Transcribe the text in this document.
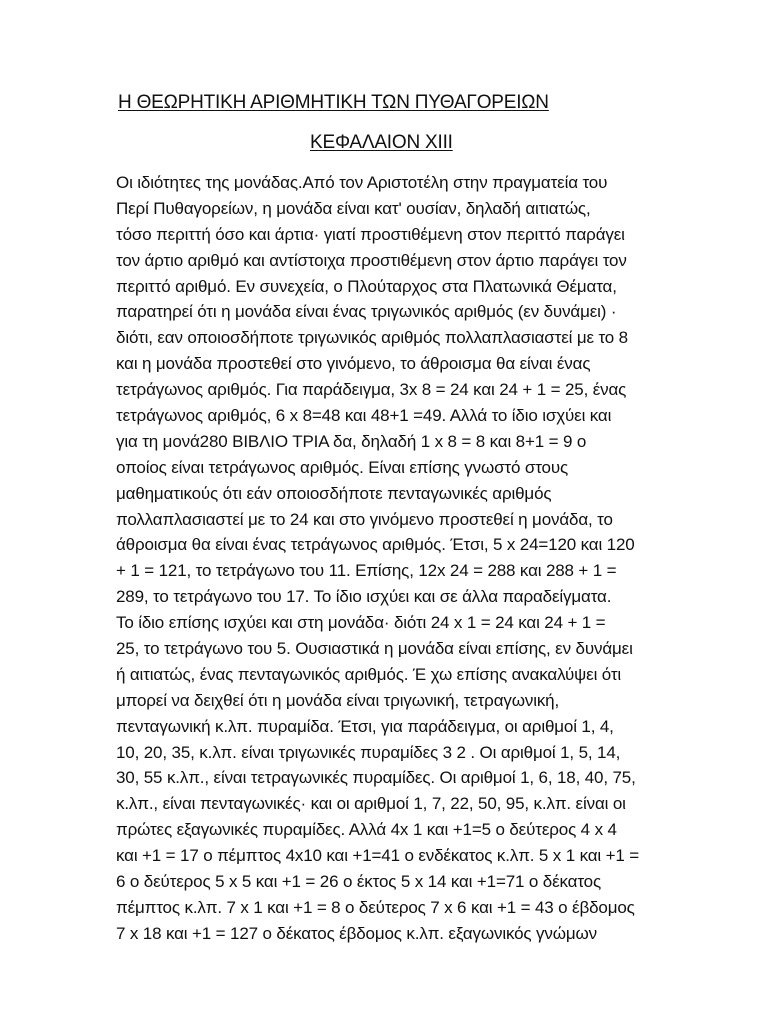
Η ΘΕΩΡΗΤΙΚΗ ΑΡΙΘΜΗΤΙΚΗ ΤΩΝ ΠΥΘΑΓΟΡΕΙΩΝ
ΚΕΦΑΛΑΙΟΝ XIII
Οι ιδιότητες της μονάδας.Από τον Αριστοτέλη στην πραγματεία του
Περί Πυθαγορείων, η μονάδα είναι κατ' ουσίαν, δηλαδή αιτιατώς,
τόσο περιττή όσο και άρτια· γιατί προστιθέμενη στον περιττό παράγει
τον άρτιο αριθμό και αντίστοιχα προστιθέμενη στον άρτιο παράγει τον
περιττό αριθμό. Εν συνεχεία, ο Πλούταρχος στα Πλατωνικά Θέματα,
παρατηρεί ότι η μονάδα είναι ένας τριγωνικός αριθμός (εν δυνάμει) ·
διότι, εαν οποιοσδήποτε τριγωνικός αριθμός πολλαπλασιαστεί με το 8
και η μονάδα προστεθεί στο γινόμενο, το άθροισμα θα είναι ένας
τετράγωνος αριθμός. Για παράδειγμα, 3x 8 = 24 και 24 + 1 = 25, ένας
τετράγωνος αριθμός, 6 x 8=48 και 48+1 =49. Αλλά το ίδιο ισχύει και
για τη μονά280 ΒΙΒΛΙΟ ΤΡΙΑ δα, δηλαδή 1 x 8 = 8 και 8+1 = 9 ο
οποίος είναι τετράγωνος αριθμός. Είναι επίσης γνωστό στους
μαθηματικούς ότι εάν οποιοσδήποτε πενταγωνικές αριθμός
πολλαπλασιαστεί με το 24 και στο γινόμενο προστεθεί η μονάδα, το
άθροισμα θα είναι ένας τετράγωνος αριθμός. Έτσι, 5 x 24=120 και 120
+ 1 = 121, το τετράγωνο του 11. Επίσης, 12x 24 = 288 και 288 + 1 =
289, το τετράγωνο του 17. Το ίδιο ισχύει και σε άλλα παραδείγματα.
Το ίδιο επίσης ισχύει και στη μονάδα· διότι 24 x 1 = 24 και 24 + 1 =
25, το τετράγωνο του 5. Ουσιαστικά η μονάδα είναι επίσης, εν δυνάμει
ή αιτιατώς, ένας πενταγωνικός αριθμός. Έ χω επίσης ανακαλύψει ότι
μπορεί να δειχθεί ότι η μονάδα είναι τριγωνική, τετραγωνική,
πενταγωνική κ.λπ. πυραμίδα. Έτσι, για παράδειγμα, οι αριθμοί 1, 4,
10, 20, 35, κ.λπ. είναι τριγωνικές πυραμίδες 3 2 . Οι αριθμοί 1, 5, 14,
30, 55 κ.λπ., είναι τετραγωνικές πυραμίδες. Οι αριθμοί 1, 6, 18, 40, 75,
κ.λπ., είναι πενταγωνικές· και οι αριθμοί 1, 7, 22, 50, 95, κ.λπ. είναι οι
πρώτες εξαγωνικές πυραμίδες. Αλλά 4x 1 και +1=5 ο δεύτερος 4 x 4
και +1 = 17 ο πέμπτος 4x10 και +1=41 ο ενδέκατος κ.λπ. 5 x 1 και +1 =
6 ο δεύτερος 5 x 5 και +1 = 26 ο έκτος 5 x 14 και +1=71 ο δέκατος
πέμπτος κ.λπ. 7 x 1 και +1 = 8 ο δεύτερος 7 x 6 και +1 = 43 ο έβδομος
7 x 18 και +1 = 127 ο δέκατος έβδομος κ.λπ. εξαγωνικός γνώμων
